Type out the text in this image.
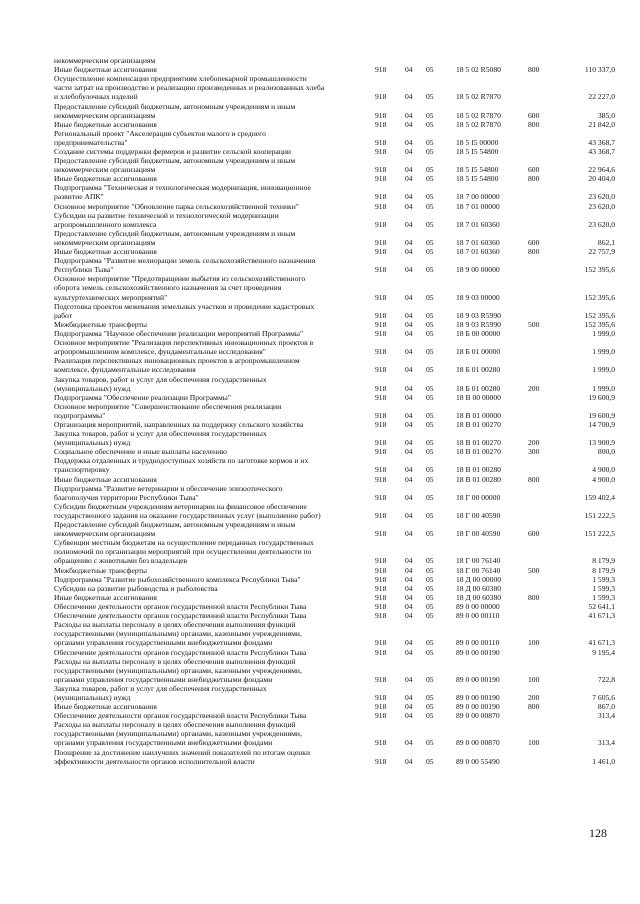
некоммерческим организациям
Иные бюджетные ассигнования	918 04 05	18 5 02 R5080	800	110 337,0
Осуществление компенсации предприятиям хлебопекарной промышленности
части затрат на производство и реализацию произведенных и реализованных хлеба
и хлебобулочных изделий	918 04 05	18 5 02 R7870	22 227,0
Предоставление субсидий бюджетным, автономным учреждениям и иным
некоммерческим организациям	918 04 05	18 5 02 R7870	600	385,0
Иные бюджетные ассигнования	918 04 05	18 5 02 R7870	800	21 842,0
Региональный проект "Акселерация субъектов малого и среднего
предпринимательства"	918 04 05	18 5 I5 00000	43 368,7
Создание системы поддержки фермеров и развитие сельской кооперации	918 04 05	18 5 I5 54800	43 368,7
Предоставление субсидий бюджетным, автономным учреждениям и иным
некоммерческим организациям	918 04 05	18 5 I5 54800	600	22 964,6
Иные бюджетные ассигнования	918 04 05	18 5 I5 54800	800	20 404,0
Подпрограмма "Техническая и технологическая модернизация, инновационное
развитие АПК"	918 04 05	18 7 00 00000	23 620,0
Основное мероприятие "Обновление парка сельскохозяйственной техники"	918 04 05	18 7 01 00000	23 620,0
Субсидии на развитие технической и технологической модернизации
агропромышленного комплекса	918 04 05	18 7 01 60360	23 620,0
Предоставление субсидий бюджетным, автономным учреждениям и иным
некоммерческим организациям	918 04 05	18 7 01 60360	600	862,1
Иные бюджетные ассигнования	918 04 05	18 7 01 60360	800	22 757,9
Подпрограмма "Развитие мелиорации земель сельскохозяйственного назначения
Республики Тыва"	918 04 05	18 9 00 00000	152 395,6
Основное мероприятие "Предотвращение выбытия из сельскохозяйственного
оборота земель сельскохозяйственного назначения за счет проведения
культуртехнических мероприятий"	918 04 05	18 9 03 00000	152 395,6
Подготовка проектов межевания земельных участков и проведение кадастровых
работ	918 04 05	18 9 03 R5990	152 395,6
Межбюджетные трансферты	918 04 05	18 9 03 R5990	500	152 395,6
Подпрограмма "Научное обеспечение реализации мероприятий Программы"	918 04 05	18 Б 00 00000	1 999,0
Основное мероприятие "Реализация перспективных инновационных проектов в
агропромышленном комплексе, фундаментальные исследования"	918 04 05	18 Б 01 00000	1 999,0
Реализация перспективных инновационных проектов в агропромышленном
комплексе, фундаментальные исследования	918 04 05	18 Б 01 00280	1 999,0
Закупка товаров, работ и услуг для обеспечения государственных
(муниципальных) нужд	918 04 05	18 Б 01 00280	200	1 999,0
Подпрограмма "Обеспечение реализации Программы"	918 04 05	18 В 00 00000	19 600,9
Основное мероприятие "Совершенствование обеспечения реализации
подпрограммы"	918 04 05	18 В 01 00000	19 600,9
Организация мероприятий, направленных на поддержку сельского хозяйства	918 04 05	18 В 01 00270	14 700,9
Закупка товаров, работ и услуг для обеспечения государственных
(муниципальных) нужд	918 04 05	18 В 01 00270	200	13 900,9
Социальное обеспечение и иные выплаты населению	918 04 05	18 В 01 00270	300	800,0
Поддержка отдаленных и труднодоступных хозяйств по заготовке кормов и их
транспортировку	918 04 05	18 В 01 00280	4 900,0
Иные бюджетные ассигнования	918 04 05	18 В 01 00280	800	4 900,0
Подпрограмма "Развитие ветеринарии и обеспечение эпизоотического
благополучия территории Республики Тыва"	918 04 05	18 Г 00 00000	159 402,4
Субсидии бюджетным учреждениям ветеринарии на финансовое обеспечение
государственного задания на оказание государственных услуг (выполнение работ)	918 04 05	18 Г 00 40590	151 222,5
Предоставление субсидий бюджетным, автономным учреждениям и иным
некоммерческим организациям	918 04 05	18 Г 00 40590	600	151 222,5
Субвенции местным бюджетам на осуществление переданных государственных
полномочий по организации мероприятий при осуществлении деятельности по
обращению с животными без владельцев	918 04 05	18 Г 00 76140	8 179,9
Межбюджетные трансферты	918 04 05	18 Г 00 76140	500	8 179,9
Подпрограмма "Развитие рыбохозяйственного комплекса Республики Тыва"	918 04 05	18 Д 00 00000	1 599,3
Субсидии на развитие рыбоводства и рыболовства	918 04 05	18 Д 00 60380	1 599,3
Иные бюджетные ассигнования	918 04 05	18 Д 00 60380	800	1 599,3
Обеспечение деятельности органов государственной власти Республики Тыва	918 04 05	89 0 00 00000	52 641,1
Обеспечение деятельности органов государственной власти Республики Тыва	918 04 05	89 0 00 00110	41 671,3
Расходы на выплаты персоналу в целях обеспечения выполнения функций
государственными (муниципальными) органами, казенными учреждениями,
органами управления государственными внебюджетными фондами	918 04 05	89 0 00 00110	100	41 671,3
Обеспечение деятельности органов государственной власти Республики Тыва	918 04 05	89 0 00 00190	9 195,4
Расходы на выплаты персоналу в целях обеспечения выполнения функций
государственными (муниципальными) органами, казенными учреждениями,
органами управления государственными внебюджетными фондами	918 04 05	89 0 00 00190	100	722,8
Закупка товаров, работ и услуг для обеспечения государственных
(муниципальных) нужд	918 04 05	89 0 00 00190	200	7 605,6
Иные бюджетные ассигнования	918 04 05	89 0 00 00190	800	867,0
Обеспечение деятельности органов государственной власти Республики Тыва	918 04 05	89 0 00 00870	313,4
Расходы на выплаты персоналу в целях обеспечения выполнения функций
государственными (муниципальными) органами, казенными учреждениями,
органами управления государственными внебюджетными фондами	918 04 05	89 0 00 00870	100	313,4
Поощрение за достижение наилучших значений показателей по итогам оценки
эффективности деятельности органов исполнительной власти	918 04 05	89 0 00 55490	1 461,0
128
